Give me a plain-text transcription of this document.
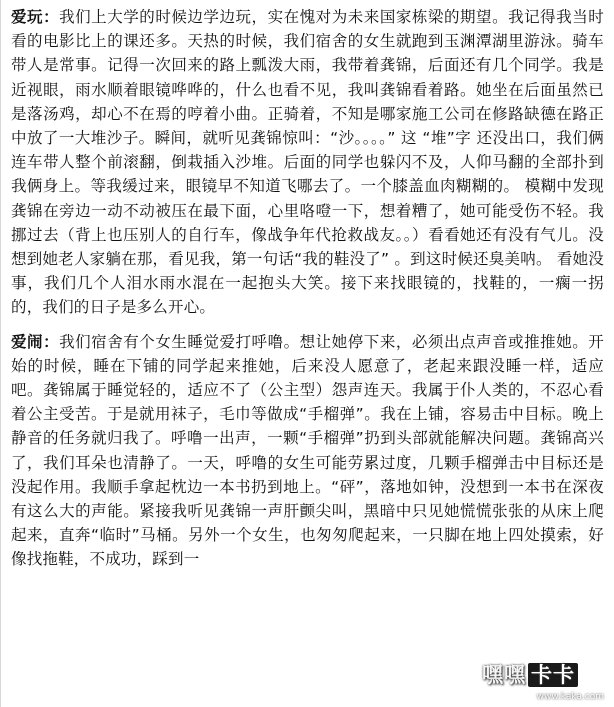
爱玩：我们上大学的时候边学边玩，实在愧对为未来国家栋梁的期望。我记得我当时看的电影比上的课还多。天热的时候，我们宿舍的女生就跑到玉渊潭湖里游泳。骑车带人是常事。记得一次回来的路上瓢泼大雨，我带着龚锦，后面还有几个同学。我是近视眼，雨水顺着眼镜哗哗的，什么也看不见，我叫龚锦看着路。她坐在后面虽然已是落汤鸡，却心不在焉的哼着小曲。正骑着，不知是哪家施工公司在修路缺德在路正中放了一大堆沙子。瞬间，就听见龚锦惊叫：“沙。。。。” 这 “堆”字 还没出口，我们俩连车带人整个前滚翻，倒栽插入沙堆。后面的同学也躲闪不及，人仰马翻的全部扑到我俩身上。等我缓过来，眼镜早不知道飞哪去了。一个膝盖血肉糊糊的。 模糊中发现龚锦在旁边一动不动被压在最下面，心里咯噔一下，想着糟了，她可能受伤不轻。我挪过去（背上也压别人的自行车，像战争年代抢救战友。。）看看她还有没有气儿。没想到她老人家躺在那，看见我，第一句话“我的鞋没了” 。到这时候还臭美呐。 看她没事，我们几个人泪水雨水混在一起抱头大笑。接下来找眼镜的，找鞋的，一瘸一拐的，我们的日子是多么开心。

爱闹：我们宿舍有个女生睡觉爱打呼噜。想让她停下来，必须出点声音或推推她。开始的时候，睡在下铺的同学起来推她，后来没人愿意了，老起来跟没睡一样，适应吧。龚锦属于睡觉轻的，适应不了（公主型）怨声连天。我属于仆人类的，不忍心看着公主受苦。于是就用袜子，毛巾等做成“手榴弹”。我在上铺，容易击中目标。晚上静音的任务就归我了。呼噜一出声，一颗“手榴弹”扔到头部就能解决问题。龚锦高兴了，我们耳朵也清静了。一天，呼噜的女生可能劳累过度，几颗手榴弹击中目标还是没起作用。我顺手拿起枕边一本书扔到地上。“砰”，落地如钟，没想到一本书在深夜有这么大的声能。紧接我听见龚锦一声肝颤尖叫，黑暗中只见她慌慌张张的从床上爬起来，直奔“临时”马桶。另外一个女生，也匆匆爬起来，一只脚在地上四处摸索，好像找拖鞋，不成功，踩到一

嘿嘿 卡卡
www.kaka.com
